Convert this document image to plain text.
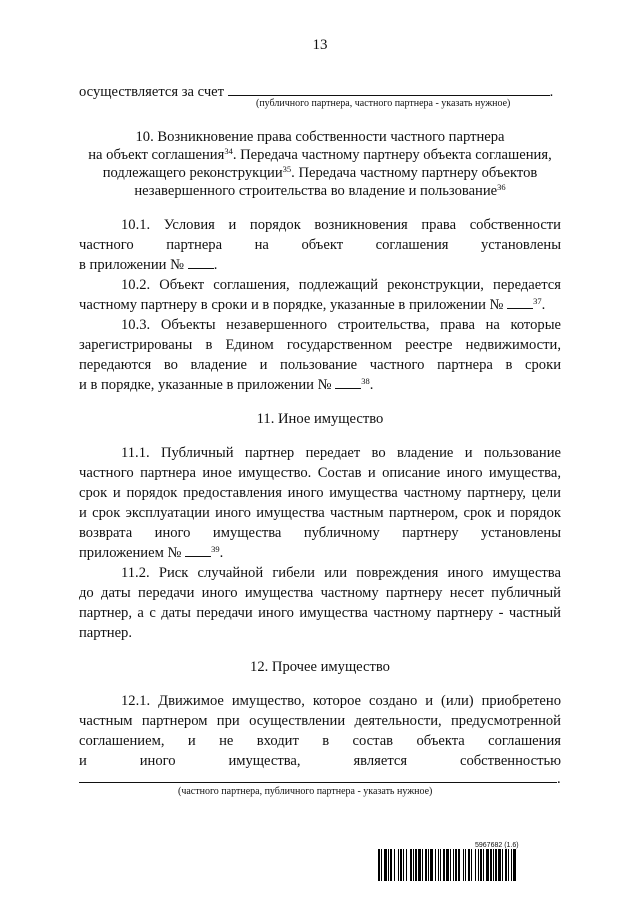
13
осуществляется за счет	.
(публичного партнера, частного партнера - указать нужное)
10. Возникновение права собственности частного партнера
на объект соглашения$^{34}$. Передача частному партнеру объекта соглашения,
подлежащего реконструкции$^{35}$. Передача частному партнеру объектов
незавершенного строительства во владение и пользование$^{36}$
10.1. Условия и порядок возникновения права собственности
частного партнера на объект соглашения установлены
в приложении № .
10.2. Объект соглашения, подлежащий реконструкции, передается
частному партнеру в сроки и в порядке, указанные в приложении №	$^{37}$.
10.3. Объекты незавершенного строительства, права на которые
зарегистрированы в Едином государственном реестре недвижимости,
передаются во владение и пользование частного партнера в сроки
и в порядке, указанные в приложении №	$^{38}$.
11. Иное имущество
11.1. Публичный партнер передает во владение и пользование
частного партнера иное имущество. Состав и описание иного имущества,
срок и порядок предоставления иного имущества частному партнеру, цели
и срок эксплуатации иного имущества частным партнером, срок и порядок
возврата иного имущества публичному партнеру установлены
приложением №	$^{39}$.
11.2. Риск случайной гибели или повреждения иного имущества
до даты передачи иного имущества частному партнеру несет публичный
партнер, а с даты передачи иного имущества частному партнеру - частный
партнер.
12. Прочее имущество
12.1. Движимое имущество, которое создано и (или) приобретено
частным партнером при осуществлении деятельности, предусмотренной
соглашением, и не входит в состав объекта соглашения
и иного имущества, является собственностью
.
(частного партнера, публичного партнера - указать нужное)
5967682 (1.6)
